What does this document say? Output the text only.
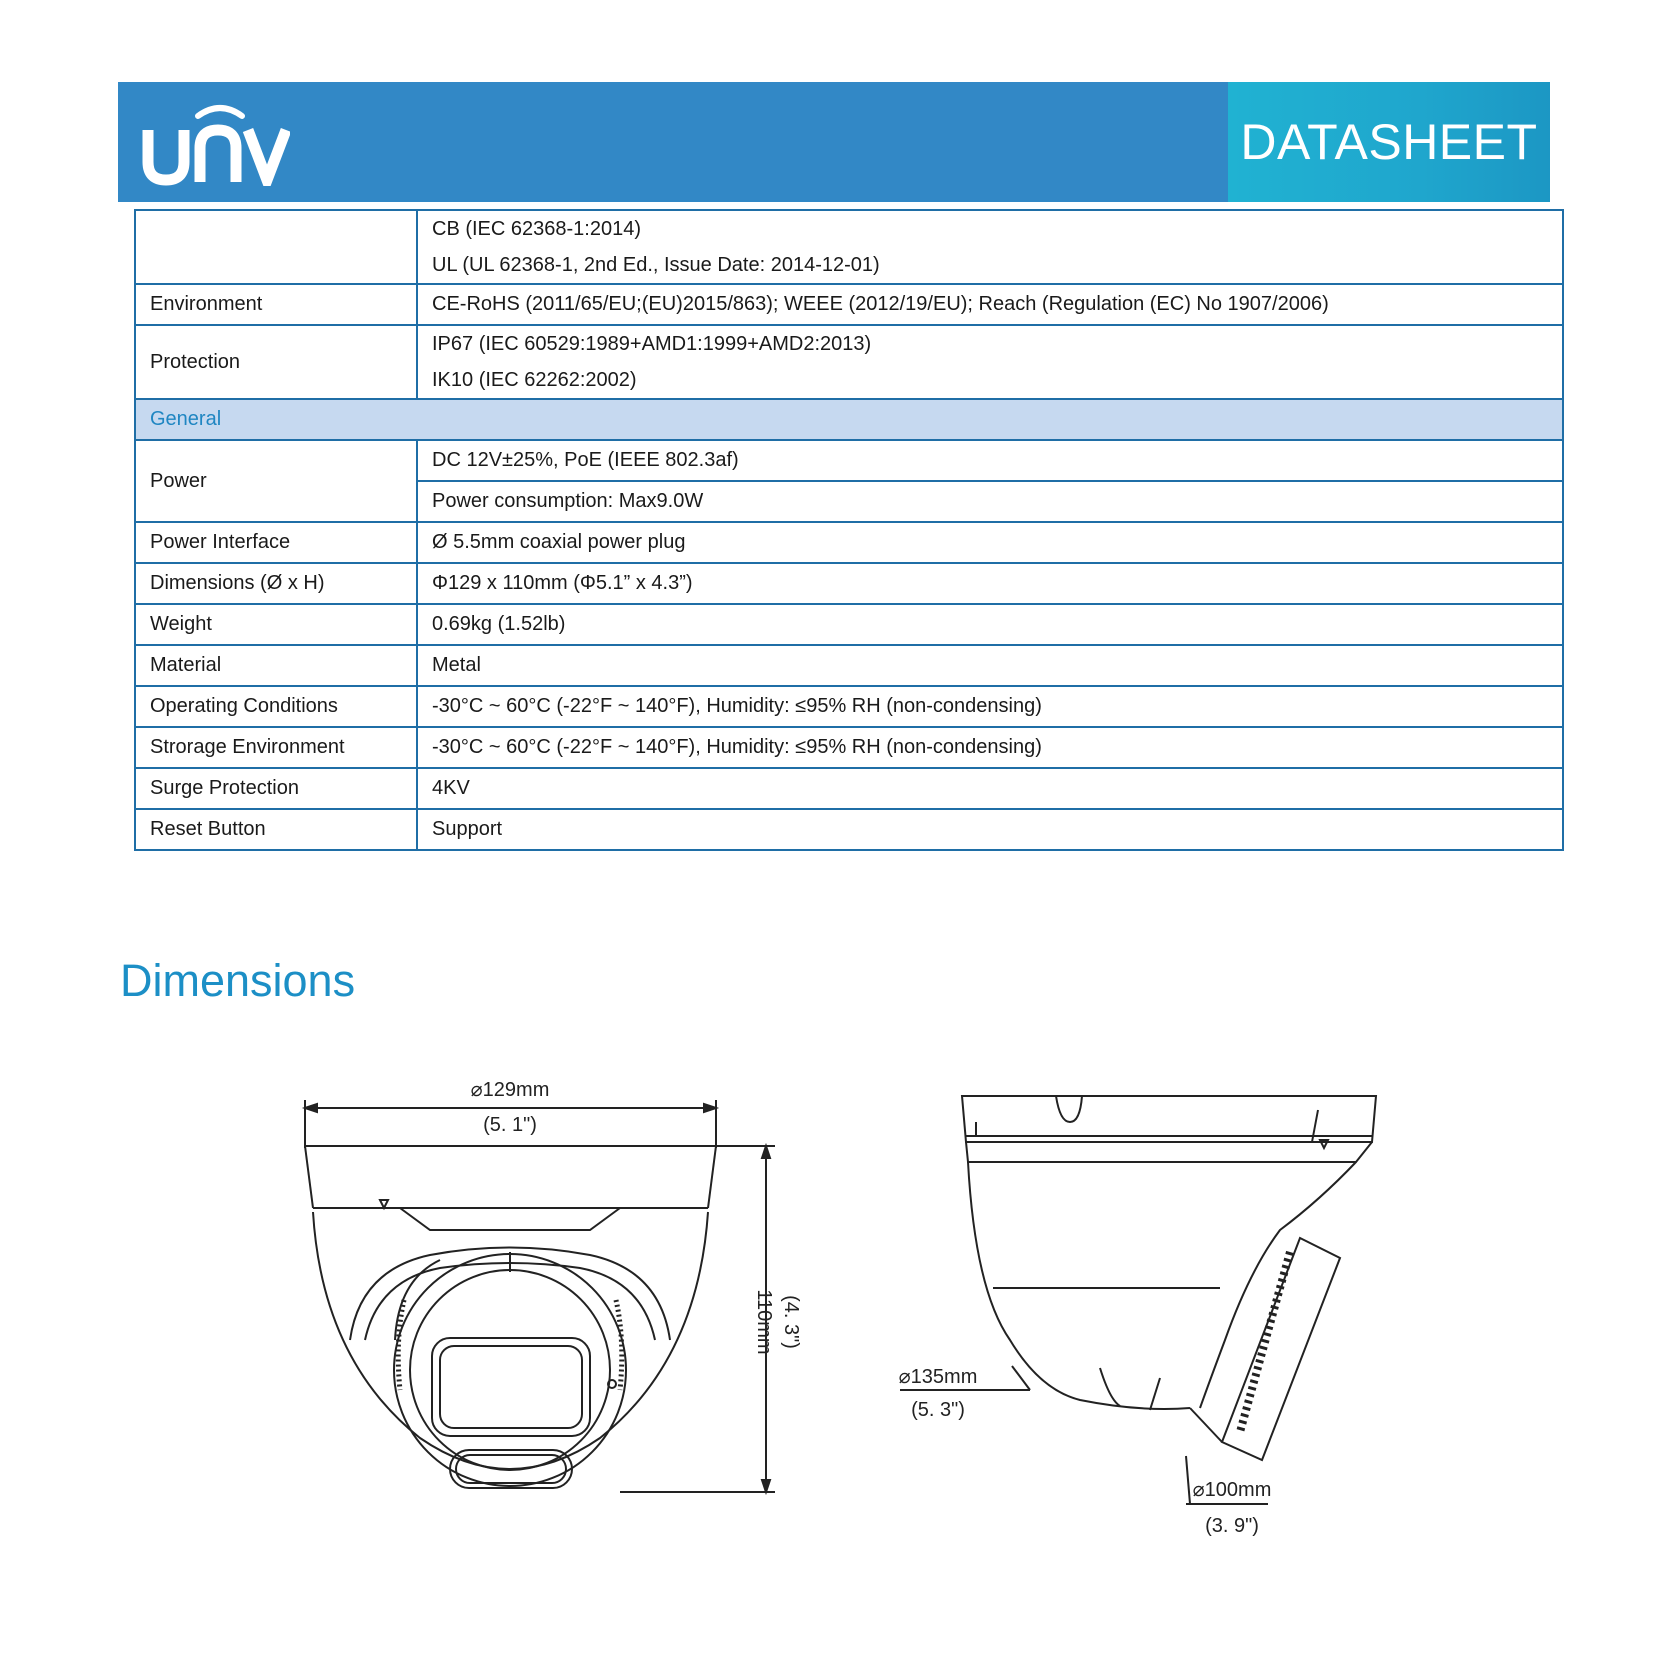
DATASHEET

	CB (IEC 62368-1:2014)
UL (UL 62368-1, 2nd Ed., Issue Date: 2014-12-01)

Environment	CE-RoHS (2011/65/EU;(EU)2015/863); WEEE (2012/19/EU); Reach (Regulation (EC) No 1907/2006)
Protection	IP67 (IEC 60529:1989+AMD1:1999+AMD2:2013)
IK10 (IEC 62262:2002)

General	
Power	DC 12V±25%, PoE (IEEE 802.3af)
	Power consumption: Max9.0W
Power Interface	Ø 5.5mm coaxial power plug
Dimensions (Ø x H)	Φ129 x 110mm (Φ5.1” x 4.3”)
Weight	0.69kg (1.52lb)
Material	Metal
Operating Conditions	-30°C ~ 60°C (-22°F ~ 140°F), Humidity: ≤95% RH (non-condensing)
Strorage Environment	-30°C ~ 60°C (-22°F ~ 140°F), Humidity: ≤95% RH (non-condensing)
Surge Protection	4KV
Reset Button	Support
Dimensions
⌀129mm
(5. 1")
110mm (4. 3")
⌀135mm
(5. 3")
⌀100mm
(3. 9")
